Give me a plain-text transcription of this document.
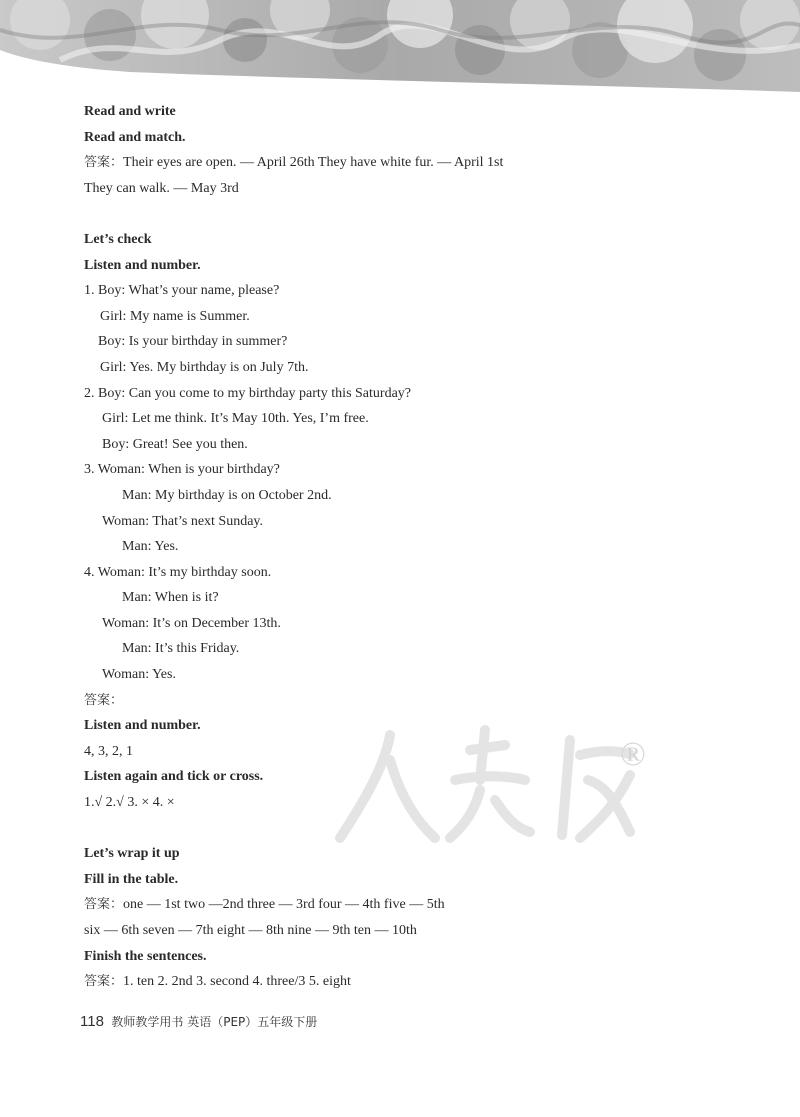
®
人教版
Read and write
Read and match.
答案：Their eyes are open. — April 26th They have white fur. — April 1st
They can walk. — May 3rd
Let’s check
Listen and number.
1. Boy: What’s your name, please?
Girl: My name is Summer.
Boy: Is your birthday in summer?
Girl: Yes. My birthday is on July 7th.
2. Boy: Can you come to my birthday party this Saturday?
Girl: Let me think. It’s May 10th. Yes, I’m free.
Boy: Great! See you then.
3. Woman: When is your birthday?
Man: My birthday is on October 2nd.
Woman: That’s next Sunday.
Man: Yes.
4. Woman: It’s my birthday soon.
Man: When is it?
Woman: It’s on December 13th.
Man: It’s this Friday.
Woman: Yes.
答案：
Listen and number.
4, 3, 2, 1
Listen again and tick or cross.
1.√ 2.√ 3. × 4. ×
Let’s wrap it up
Fill in the table.
答案：one — 1st two —2nd three — 3rd four — 4th five — 5th
six — 6th seven — 7th eight — 8th nine — 9th ten — 10th
Finish the sentences.
答案：1. ten 2. 2nd 3. second 4. three/3 5. eight
118 教师教学用书 英语（PEP）五年级下册
